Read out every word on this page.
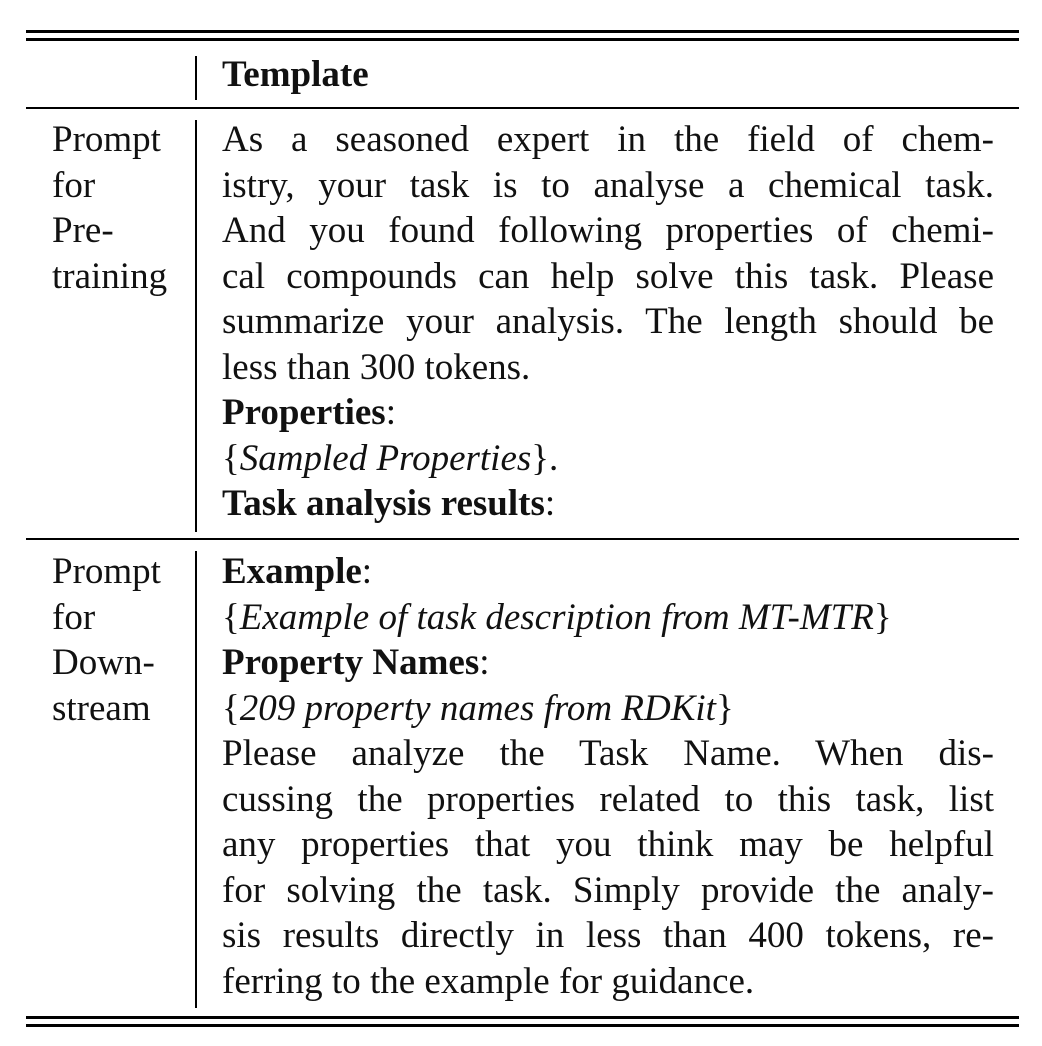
Template
Prompt
for
Pre-
training
As a seasoned expert in the field of chem-
istry, your task is to analyse a chemical task.
And you found following properties of chemi-
cal compounds can help solve this task. Please
summarize your analysis. The length should be
less than 300 tokens.
Properties:
{Sampled Properties}.
Task analysis results:
Prompt
for
Down-
stream
Example:
{Example of task description from MT-MTR}
Property Names:
{209 property names from RDKit}
Please analyze the Task Name. When dis-
cussing the properties related to this task, list
any properties that you think may be helpful
for solving the task. Simply provide the analy-
sis results directly in less than 400 tokens, re-
ferring to the example for guidance.
